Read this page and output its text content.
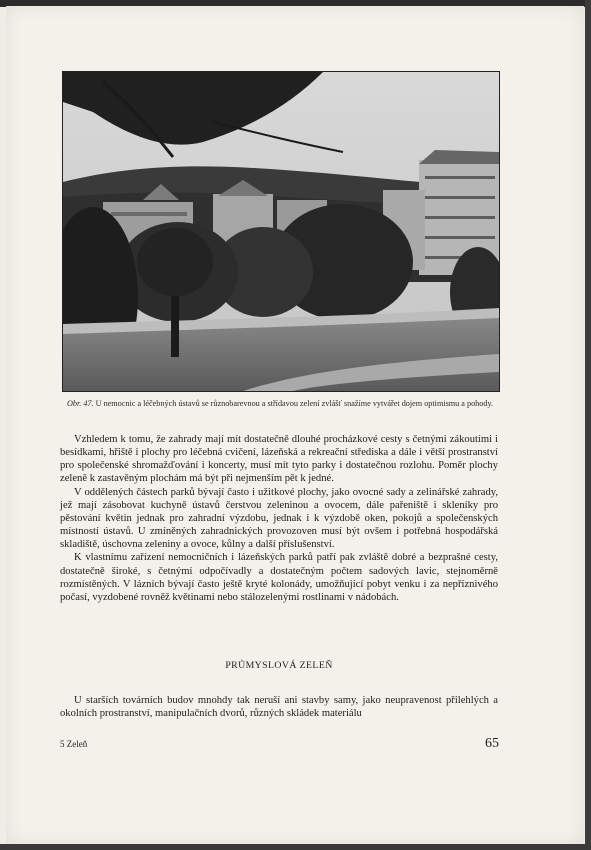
Obr. 47. U nemocnic a léčebných ústavů se různobarevnou a střídavou zelení zvlášť snažíme vytvářet dojem optimismu a pohody.

Vzhledem k tomu, že zahrady mají mít dostatečně dlouhé procházkové cesty s četnými zákoutími i besídkami, hřiště i plochy pro léčebná cvičení, lázeňská a rekreační střediska a dále i větší prostranství pro společenské shromažďování i koncerty, musí mít tyto parky i dostatečnou rozlohu. Poměr plochy zeleně k zastavěným plochám má být při nejmenším pět k jedné.

V oddělených částech parků bývají často i užitkové plochy, jako ovocné sady a zelinářské zahrady, jež mají zásobovat kuchyně ústavů čerstvou zeleninou a ovocem, dále pařeniště i skleníky pro pěstování květin jednak pro zahradní výzdobu, jednak i k výzdobě oken, pokojů a společenských místností ústavů. U zmíněných zahradnických provozoven musí být ovšem i potřebná hospodářská skladiště, úschovna zeleniny a ovoce, kůlny a další příslušenství.

K vlastnímu zařízení nemocničních i lázeňských parků patří pak zvláště dobré a bezprašné cesty, dostatečně široké, s četnými odpočívadly a dostatečným počtem sadových lavic, stejnoměrně rozmístěných. V lázních bývají často ještě kryté kolonády, umožňující pobyt venku i za nepříznivého počasí, vyzdobené rovněž květinami nebo stálozelenými rostlinami v nádobách.

PRŮMYSLOVÁ ZELEŇ

U starších továrních budov mnohdy tak neruší ani stavby samy, jako neupravenost přilehlých a okolních prostranství, manipulačních dvorů, různých skládek materiálu

5 Zeleň	65
